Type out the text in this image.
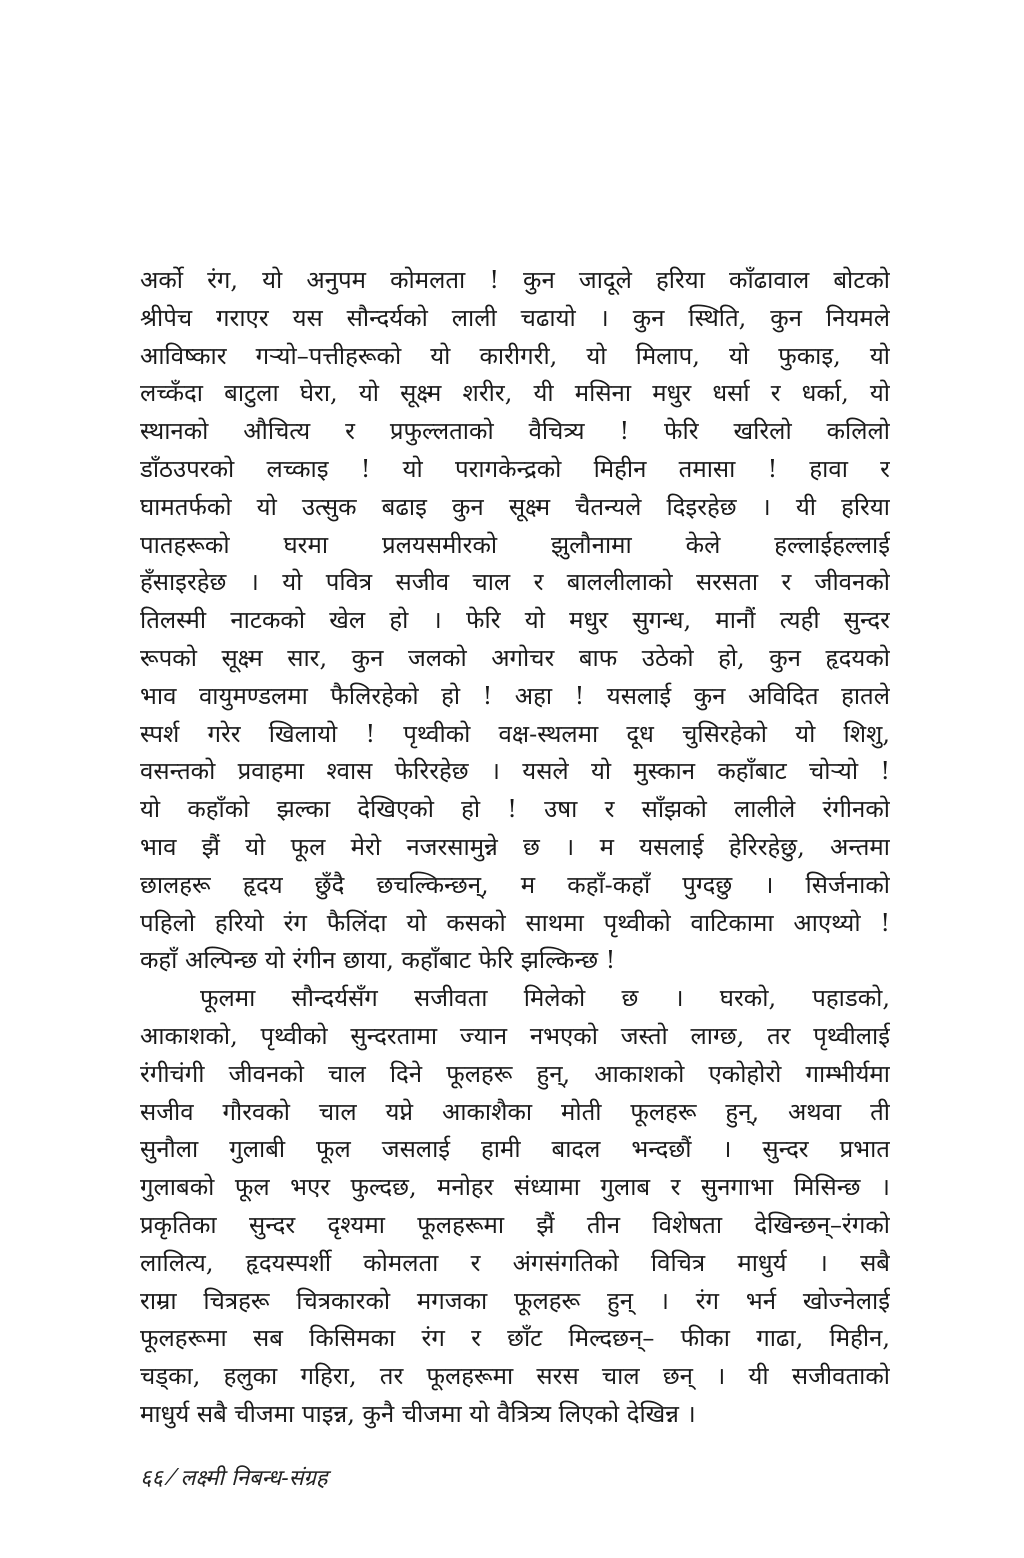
अर्को रंग, यो अनुपम कोमलता ! कुन जादूले हरिया काँढावाल बोटको
श्रीपेच गराएर यस सौन्दर्यको लाली चढायो । कुन स्थिति, कुन नियमले
आविष्कार गऱ्यो–पत्तीहरूको यो कारीगरी, यो मिलाप, यो फुकाइ, यो
लच्कँदा बाटुला घेरा, यो सूक्ष्म शरीर, यी मसिना मधुर धर्सा र धर्का, यो
स्थानको औचित्य र प्रफुल्लताको वैचित्र्य ! फेरि खरिलो कलिलो
डाँठउपरको लच्काइ ! यो परागकेन्द्रको मिहीन तमासा ! हावा र
घामतर्फको यो उत्सुक बढाइ कुन सूक्ष्म चैतन्यले दिइरहेछ । यी हरिया
पातहरूको घरमा प्रलयसमीरको झुलौनामा केले हल्लाईहल्लाई
हँसाइरहेछ । यो पवित्र सजीव चाल र बाललीलाको सरसता र जीवनको
तिलस्मी नाटकको खेल हो । फेरि यो मधुर सुगन्ध, मानौं त्यही सुन्दर
रूपको सूक्ष्म सार, कुन जलको अगोचर बाफ उठेको हो, कुन हृदयको
भाव वायुमण्डलमा फैलिरहेको हो ! अहा ! यसलाई कुन अविदित हातले
स्पर्श गरेर खिलायो ! पृथ्वीको वक्ष-स्थलमा दूध चुसिरहेको यो शिशु,
वसन्तको प्रवाहमा श्वास फेरिरहेछ । यसले यो मुस्कान कहाँबाट चोऱ्यो !
यो कहाँको झल्का देखिएको हो ! उषा र साँझको लालीले रंगीनको
भाव झैं यो फूल मेरो नजरसामुन्ने छ । म यसलाई हेरिरहेछु, अन्तमा
छालहरू हृदय छुँदै छचल्किन्छन्, म कहाँ-कहाँ पुग्दछु । सिर्जनाको
पहिलो हरियो रंग फैलिंदा यो कसको साथमा पृथ्वीको वाटिकामा आएथ्यो !
कहाँ अल्पिन्छ यो रंगीन छाया, कहाँबाट फेरि झल्किन्छ !
फूलमा सौन्दर्यसँग सजीवता मिलेको छ । घरको, पहाडको,
आकाशको, पृथ्वीको सुन्दरतामा ज्यान नभएको जस्तो लाग्छ, तर पृथ्वीलाई
रंगीचंगी जीवनको चाल दिने फूलहरू हुन्, आकाशको एकोहोरो गाम्भीर्यमा
सजीव गौरवको चाल यप्ने आकाशैका मोती फूलहरू हुन्, अथवा ती
सुनौला गुलाबी फूल जसलाई हामी बादल भन्दछौं । सुन्दर प्रभात
गुलाबको फूल भएर फुल्दछ, मनोहर संध्यामा गुलाब र सुनगाभा मिसिन्छ ।
प्रकृतिका सुन्दर दृश्यमा फूलहरूमा झैं तीन विशेषता देखिन्छन्–रंगको
लालित्य, हृदयस्पर्शी कोमलता र अंगसंगतिको विचित्र माधुर्य । सबै
राम्रा चित्रहरू चित्रकारको मगजका फूलहरू हुन् । रंग भर्न खोज्नेलाई
फूलहरूमा सब किसिमका रंग र छाँट मिल्दछन्– फीका गाढा, मिहीन,
चड्का, हलुका गहिरा, तर फूलहरूमा सरस चाल छन् । यी सजीवताको
माधुर्य सबै चीजमा पाइन्न, कुनै चीजमा यो वैत्रित्र्य लिएको देखिन्न ।
६६ ⁄ लक्ष्मी निबन्ध-संग्रह
